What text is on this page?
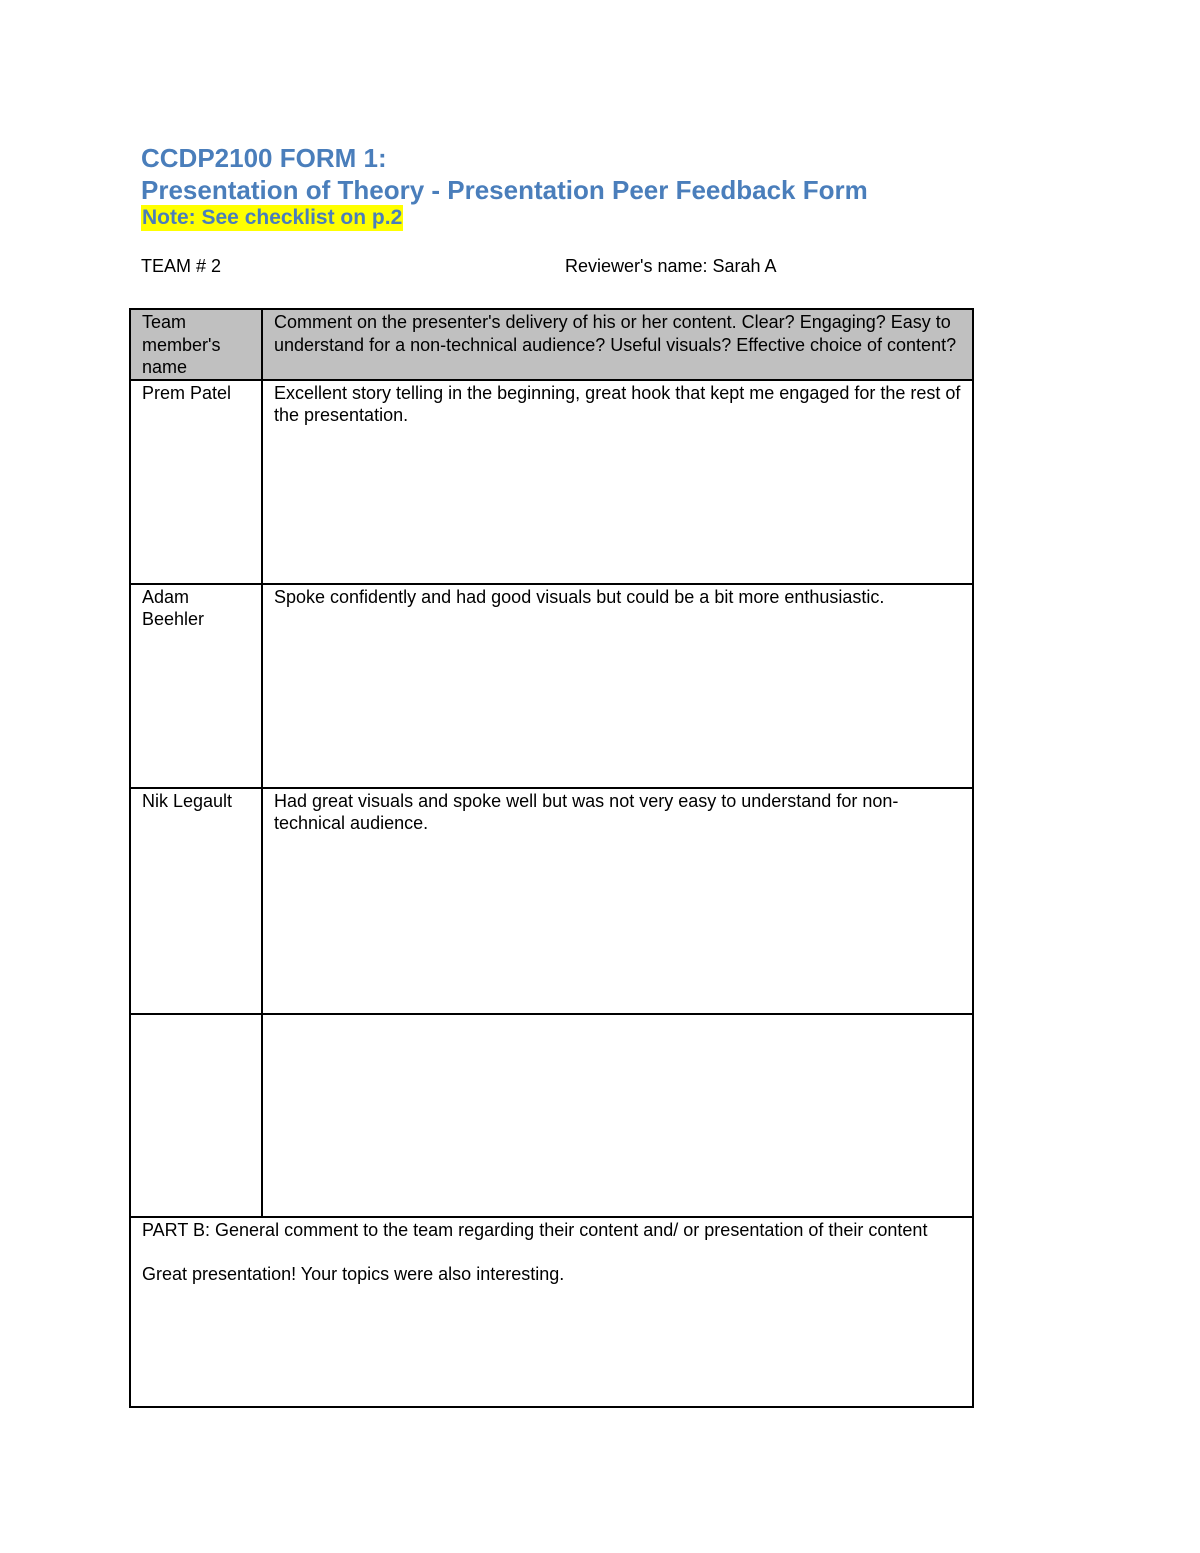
CCDP2100 FORM 1:
Presentation of Theory - Presentation Peer Feedback Form
Note: See checklist on p.2
TEAM # 2	Reviewer's name: Sarah A
Team member's name	Comment on the presenter's delivery of his or her content. Clear? Engaging? Easy to understand for a non-technical audience? Useful visuals? Effective choice of content?
Prem Patel	Excellent story telling in the beginning, great hook that kept me engaged for the rest of the presentation.
Adam Beehler	Spoke confidently and had good visuals but could be a bit more enthusiastic.
Nik Legault	Had great visuals and spoke well but was not very easy to understand for non-technical audience.

PART B: General comment to the team regarding their content and/ or presentation of their content
Great presentation! Your topics were also interesting.	
